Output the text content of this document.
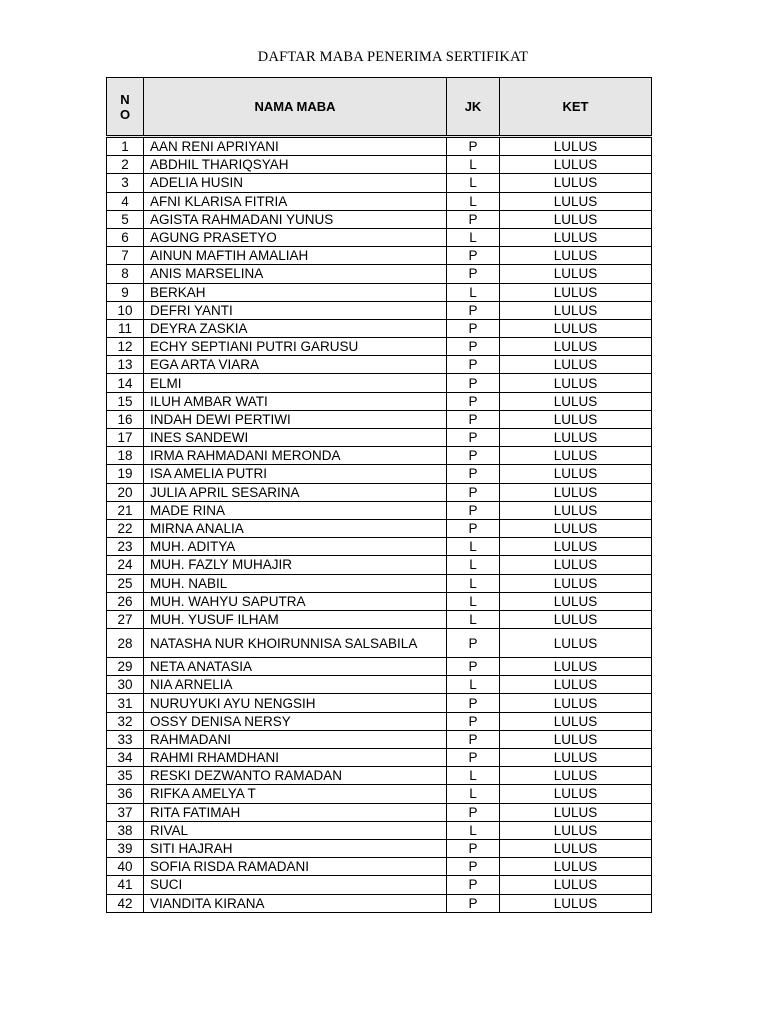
DAFTAR MABA PENERIMA SERTIFIKAT
NO	NAMA MABA	JK	KET
1	AAN RENI APRIYANI	P	LULUS
2	ABDHIL THARIQSYAH	L	LULUS
3	ADELIA HUSIN	L	LULUS
4	AFNI KLARISA FITRIA	L	LULUS
5	AGISTA RAHMADANI YUNUS	P	LULUS
6	AGUNG PRASETYO	L	LULUS
7	AINUN MAFTIH AMALIAH	P	LULUS
8	ANIS MARSELINA	P	LULUS
9	BERKAH	L	LULUS
10	DEFRI YANTI	P	LULUS
11	DEYRA ZASKIA	P	LULUS
12	ECHY SEPTIANI PUTRI GARUSU	P	LULUS
13	EGA ARTA VIARA	P	LULUS
14	ELMI	P	LULUS
15	ILUH AMBAR WATI	P	LULUS
16	INDAH DEWI PERTIWI	P	LULUS
17	INES SANDEWI	P	LULUS
18	IRMA RAHMADANI MERONDA	P	LULUS
19	ISA AMELIA PUTRI	P	LULUS
20	JULIA APRIL SESARINA	P	LULUS
21	MADE RINA	P	LULUS
22	MIRNA ANALIA	P	LULUS
23	MUH. ADITYA	L	LULUS
24	MUH. FAZLY MUHAJIR	L	LULUS
25	MUH. NABIL	L	LULUS
26	MUH. WAHYU SAPUTRA	L	LULUS
27	MUH. YUSUF ILHAM	L	LULUS
28	NATASHA NUR KHOIRUNNISA SALSABILA	P	LULUS
29	NETA ANATASIA	P	LULUS
30	NIA ARNELIA	L	LULUS
31	NURUYUKI AYU NENGSIH	P	LULUS
32	OSSY DENISA NERSY	P	LULUS
33	RAHMADANI	P	LULUS
34	RAHMI RHAMDHANI	P	LULUS
35	RESKI DEZWANTO RAMADAN	L	LULUS
36	RIFKA AMELYA T	L	LULUS
37	RITA FATIMAH	P	LULUS
38	RIVAL	L	LULUS
39	SITI HAJRAH	P	LULUS
40	SOFIA RISDA RAMADANI	P	LULUS
41	SUCI	P	LULUS
42	VIANDITA KIRANA	P	LULUS
